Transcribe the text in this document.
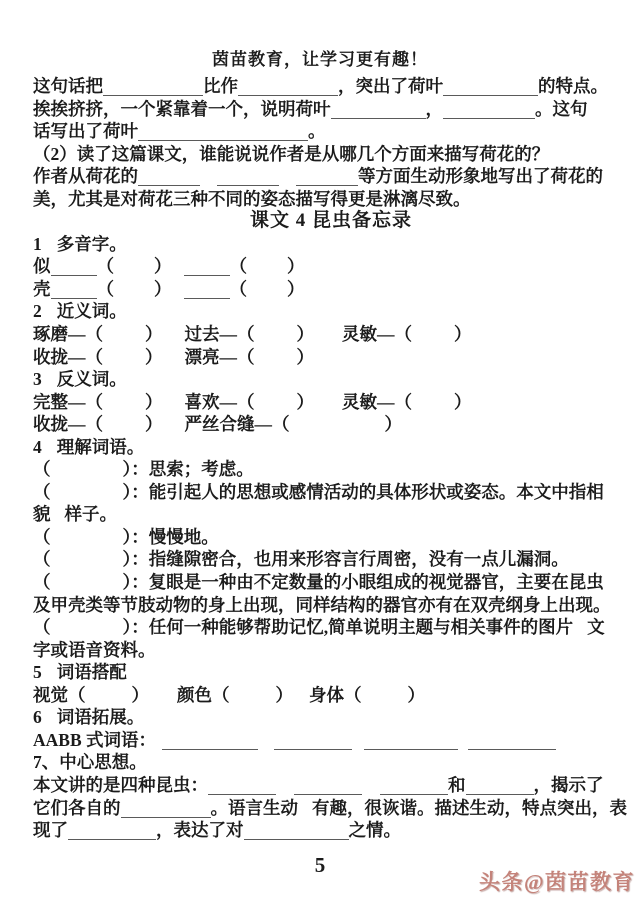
茵苗教育，让学习更有趣！
这句话把	比作	，突出了荷叶	的特点。
挨挨挤挤，一个紧靠着一个，说明荷叶	，	。这句
话写出了荷叶	。
（2）读了这篇课文，谁能说说作者是从哪几个方面来描写荷花的？
作者从荷花的	等方面生动形象地写出了荷花的
美，尤其是对荷花三种不同的姿态描写得更是淋漓尽致。
课文 4 昆虫备忘录
1 多音字。
似	（ ）	（ ）
壳	（ ）	（ ）
2 近义词。
琢磨—（ ） 过去—（ ） 灵敏—（ ）
收拢—（ ） 漂亮—（ ）
3 反义词。
完整—（ ） 喜欢—（ ） 灵敏—（ ）
收拢—（ ） 严丝合缝—（	）
4 理解词语。
（	）：思索；考虑。
（	）：能引起人的思想或感情活动的具体形状或姿态。本文中指相
貌 样子。
（	）：慢慢地。
（	）：指缝隙密合，也用来形容言行周密，没有一点儿漏洞。
（	）：复眼是一种由不定数量的小眼组成的视觉器官，主要在昆虫
及甲壳类等节肢动物的身上出现，同样结构的器官亦有在双壳纲身上出现。
（	）：任何一种能够帮助记忆,简单说明主题与相关事件的图片 文
字或语音资料。
5 词语搭配
视觉（	） 颜色（	） 身体（	）
6 词语拓展。
AABB 式词语：
7、中心思想。
本文讲的是四种昆虫：	和	，揭示了
它们各自的	。语言生动 有趣，很诙谐。描述生动，特点突出，表
现了	，表达了对	之情。
5
头条@茵苗教育
